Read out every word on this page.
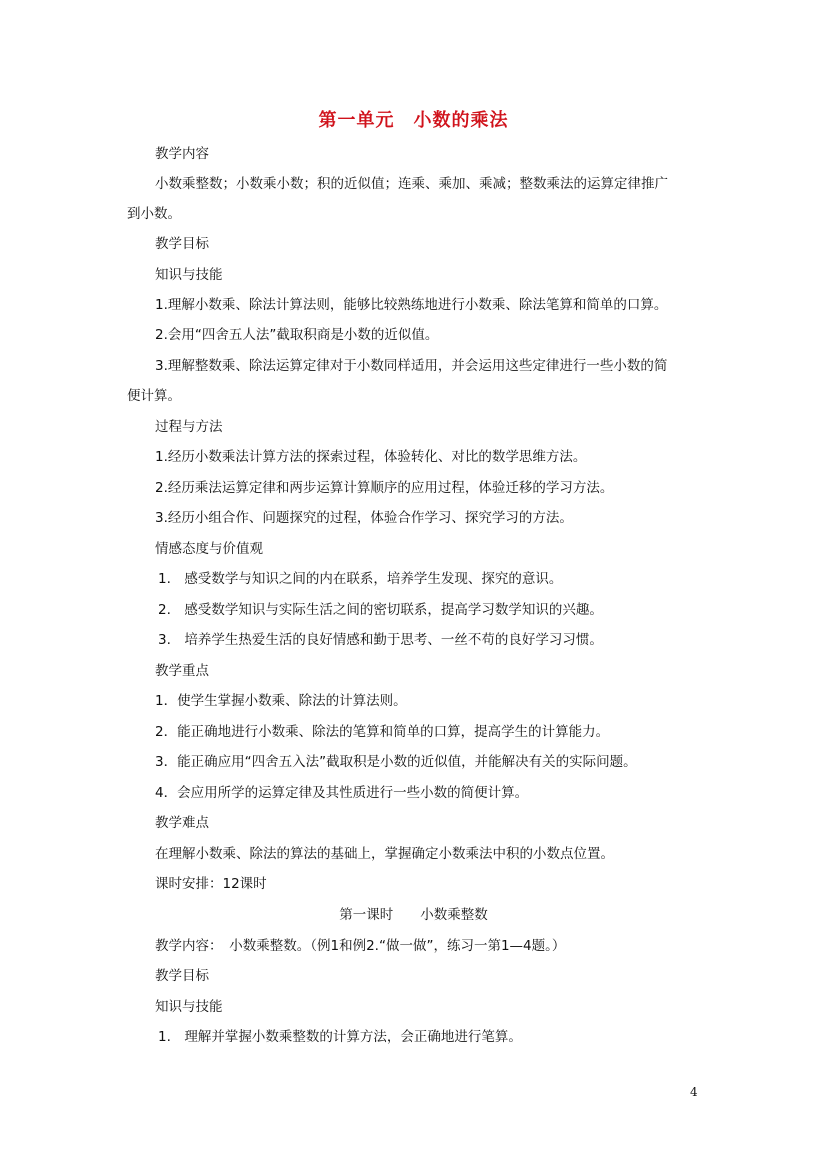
第一单元　小数的乘法
教学内容
小数乘整数；小数乘小数；积的近似值；连乘、乘加、乘减；整数乘法的运算定律推广
到小数。
教学目标
知识与技能
1.理解小数乘、除法计算法则，能够比较熟练地进行小数乘、除法笔算和简单的口算。
2.会用“四舍五人法”截取积商是小数的近似值。
3.理解整数乘、除法运算定律对于小数同样适用，并会运用这些定律进行一些小数的简
便计算。
过程与方法
1.经历小数乘法计算方法的探索过程，体验转化、对比的数学思维方法。
2.经历乘法运算定律和两步运算计算顺序的应用过程，体验迁移的学习方法。
3.经历小组合作、问题探究的过程，体验合作学习、探究学习的方法。
情感态度与价值观
1.　感受数学与知识之间的内在联系，培养学生发现、探究的意识。
2.　感受数学知识与实际生活之间的密切联系，提高学习数学知识的兴趣。
3.　培养学生热爱生活的良好情感和勤于思考、一丝不苟的良好学习习惯。
教学重点
1．使学生掌握小数乘、除法的计算法则。
2．能正确地进行小数乘、除法的笔算和简单的口算，提高学生的计算能力。
3．能正确应用“四舍五入法”截取积是小数的近似值，并能解决有关的实际问题。
4．会应用所学的运算定律及其性质进行一些小数的简便计算。
教学难点
在理解小数乘、除法的算法的基础上，掌握确定小数乘法中积的小数点位置。
课时安排：12课时
第一课时　　小数乘整数
教学内容：　小数乘整数。（例1和例2.“做一做”，练习一第1—4题。）
教学目标
知识与技能
1.　理解并掌握小数乘整数的计算方法，会正确地进行笔算。
4
